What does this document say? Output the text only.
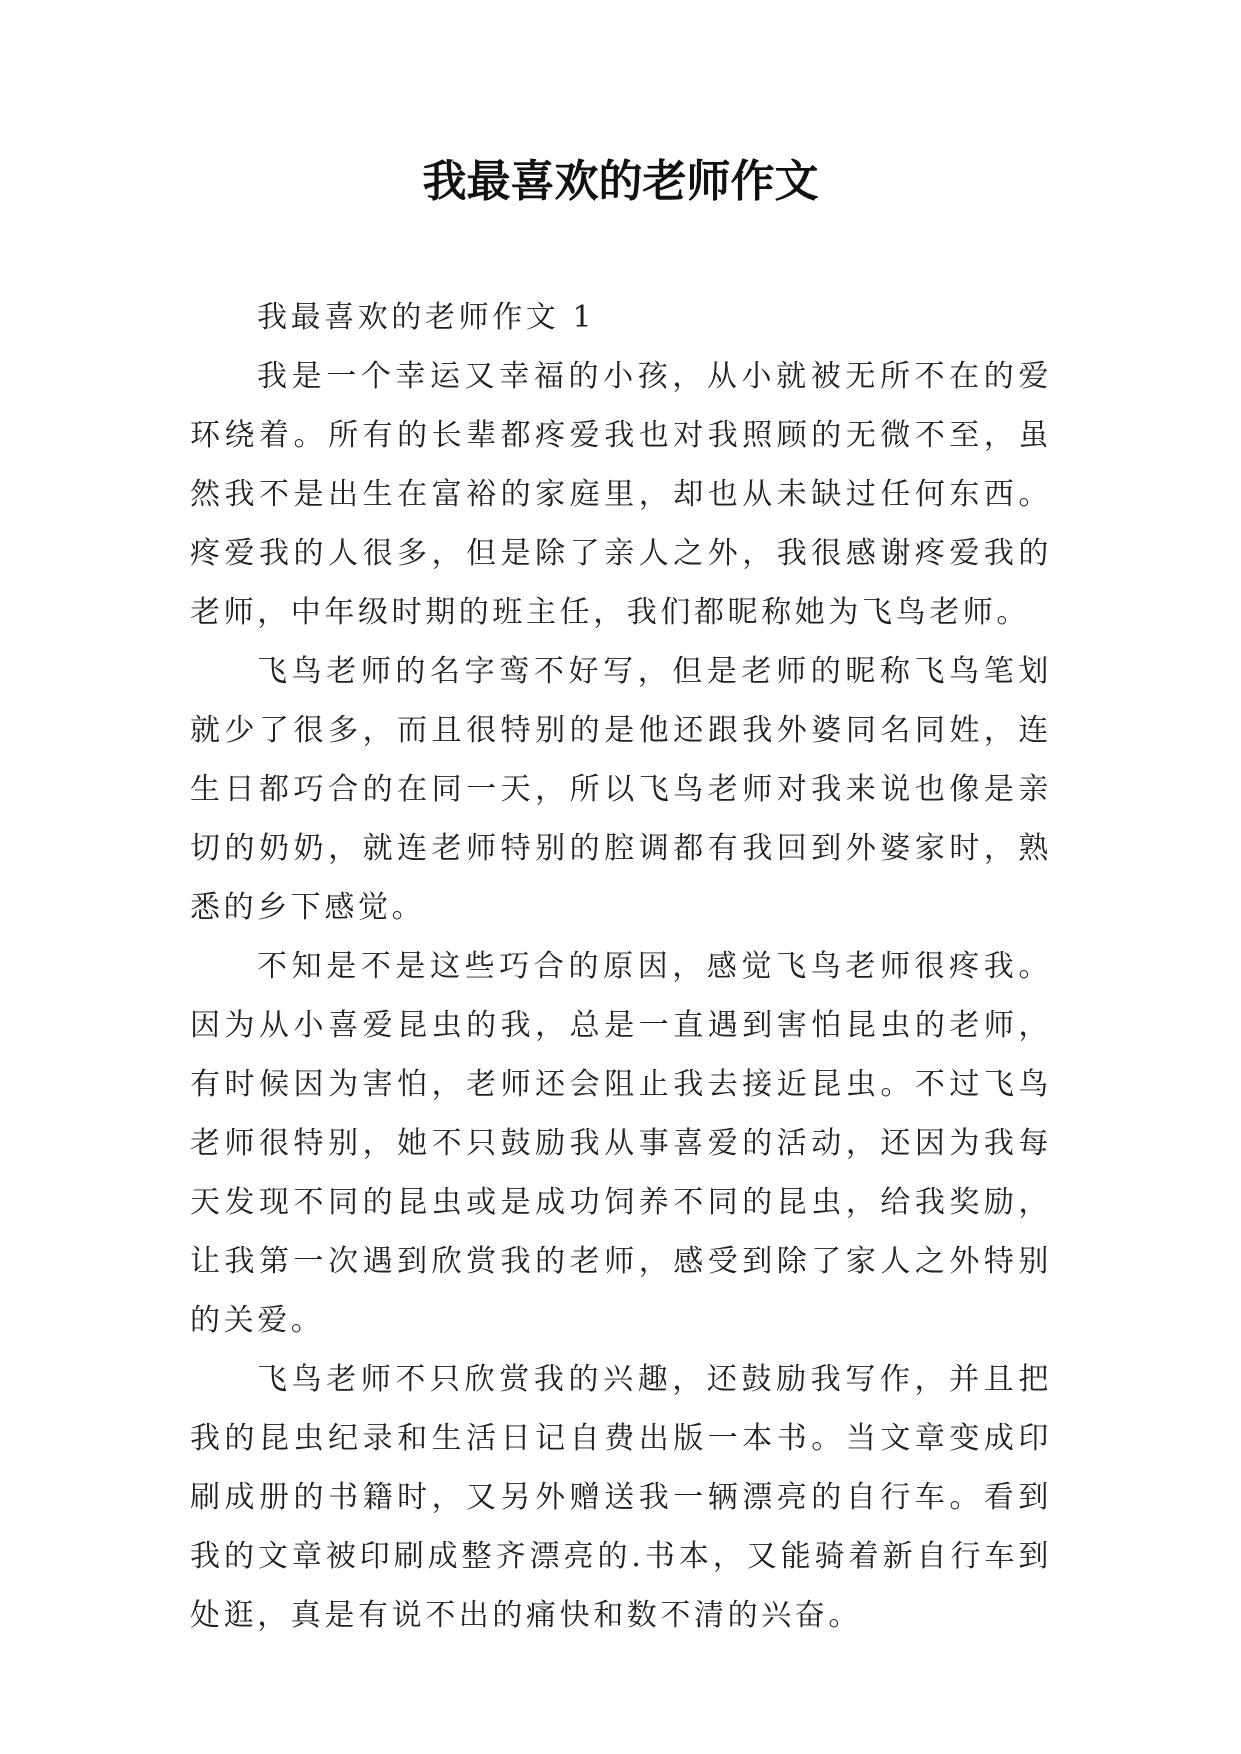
我最喜欢的老师作文

我最喜欢的老师作文 1

我是一个幸运又幸福的小孩，从小就被无所不在的爱环绕着。所有的长辈都疼爱我也对我照顾的无微不至，虽然我不是出生在富裕的家庭里，却也从未缺过任何东西。疼爱我的人很多，但是除了亲人之外，我很感谢疼爱我的老师，中年级时期的班主任，我们都昵称她为飞鸟老师。

飞鸟老师的名字鸾不好写，但是老师的昵称飞鸟笔划就少了很多，而且很特别的是他还跟我外婆同名同姓，连生日都巧合的在同一天，所以飞鸟老师对我来说也像是亲切的奶奶，就连老师特别的腔调都有我回到外婆家时，熟悉的乡下感觉。

不知是不是这些巧合的原因，感觉飞鸟老师很疼我。因为从小喜爱昆虫的我，总是一直遇到害怕昆虫的老师，有时候因为害怕，老师还会阻止我去接近昆虫。不过飞鸟老师很特别，她不只鼓励我从事喜爱的活动，还因为我每天发现不同的昆虫或是成功饲养不同的昆虫，给我奖励，让我第一次遇到欣赏我的老师，感受到除了家人之外特别的关爱。

飞鸟老师不只欣赏我的兴趣，还鼓励我写作，并且把我的昆虫纪录和生活日记自费出版一本书。当文章变成印刷成册的书籍时，又另外赠送我一辆漂亮的自行车。看到我的文章被印刷成整齐漂亮的.书本，又能骑着新自行车到处逛，真是有说不出的痛快和数不清的兴奋。
